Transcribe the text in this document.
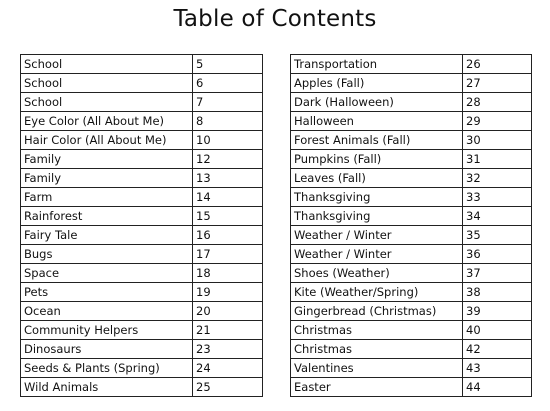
Table of Contents
School	5
School	6
School	7
Eye Color (All About Me)	8
Hair Color (All About Me)	10
Family	12
Family	13
Farm	14
Rainforest	15
Fairy Tale	16
Bugs	17
Space	18
Pets	19
Ocean	20
Community Helpers	21
Dinosaurs	23
Seeds & Plants (Spring)	24
Wild Animals	25
Transportation	26
Apples (Fall)	27
Dark (Halloween)	28
Halloween	29
Forest Animals (Fall)	30
Pumpkins (Fall)	31
Leaves (Fall)	32
Thanksgiving	33
Thanksgiving	34
Weather / Winter	35
Weather / Winter	36
Shoes (Weather)	37
Kite (Weather/Spring)	38
Gingerbread (Christmas)	39
Christmas	40
Christmas	42
Valentines	43
Easter	44
